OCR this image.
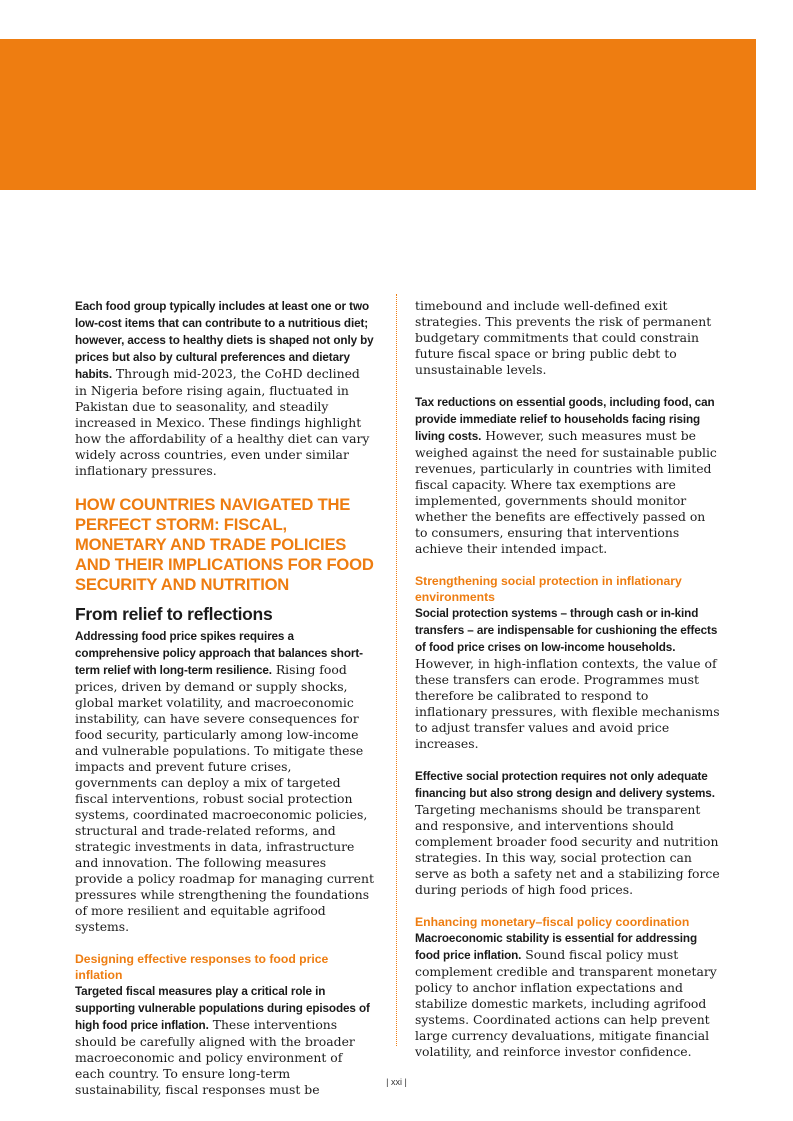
Each food group typically includes at least one or two low-cost items that can contribute to a nutritious diet; however, access to healthy diets is shaped not only by prices but also by cultural preferences and dietary habits. Through mid-2023, the CoHD declined in Nigeria before rising again, fluctuated in Pakistan due to seasonality, and steadily increased in Mexico. These findings highlight how the affordability of a healthy diet can vary widely across countries, even under similar inflationary pressures.

HOW COUNTRIES NAVIGATED THE PERFECT STORM: FISCAL, MONETARY AND TRADE POLICIES AND THEIR IMPLICATIONS FOR FOOD SECURITY AND NUTRITION
From relief to reflections

Addressing food price spikes requires a comprehensive policy approach that balances short-term relief with long-term resilience. Rising food prices, driven by demand or supply shocks, global market volatility, and macroeconomic instability, can have severe consequences for food security, particularly among low-income and vulnerable populations. To mitigate these impacts and prevent future crises, governments can deploy a mix of targeted fiscal interventions, robust social protection systems, coordinated macroeconomic policies, structural and trade-related reforms, and strategic investments in data, infrastructure and innovation. The following measures provide a policy roadmap for managing current pressures while strengthening the foundations of more resilient and equitable agrifood systems.

Designing effective responses to food price inflation

Targeted fiscal measures play a critical role in supporting vulnerable populations during episodes of high food price inflation. These interventions should be carefully aligned with the broader macroeconomic and policy environment of each country. To ensure long-term sustainability, fiscal responses must be

timebound and include well-defined exit strategies. This prevents the risk of permanent budgetary commitments that could constrain future fiscal space or bring public debt to unsustainable levels.

Tax reductions on essential goods, including food, can provide immediate relief to households facing rising living costs. However, such measures must be weighed against the need for sustainable public revenues, particularly in countries with limited fiscal capacity. Where tax exemptions are implemented, governments should monitor whether the benefits are effectively passed on to consumers, ensuring that interventions achieve their intended impact.

Strengthening social protection in inflationary environments

Social protection systems – through cash or in-kind transfers – are indispensable for cushioning the effects of food price crises on low-income households. However, in high-inflation contexts, the value of these transfers can erode. Programmes must therefore be calibrated to respond to inflationary pressures, with flexible mechanisms to adjust transfer values and avoid price increases.

Effective social protection requires not only adequate financing but also strong design and delivery systems. Targeting mechanisms should be transparent and responsive, and interventions should complement broader food security and nutrition strategies. In this way, social protection can serve as both a safety net and a stabilizing force during periods of high food prices.

Enhancing monetary–fiscal policy coordination

Macroeconomic stability is essential for addressing food price inflation. Sound fiscal policy must complement credible and transparent monetary policy to anchor inflation expectations and stabilize domestic markets, including agrifood systems. Coordinated actions can help prevent large currency devaluations, mitigate financial volatility, and reinforce investor confidence.

| xxi |
